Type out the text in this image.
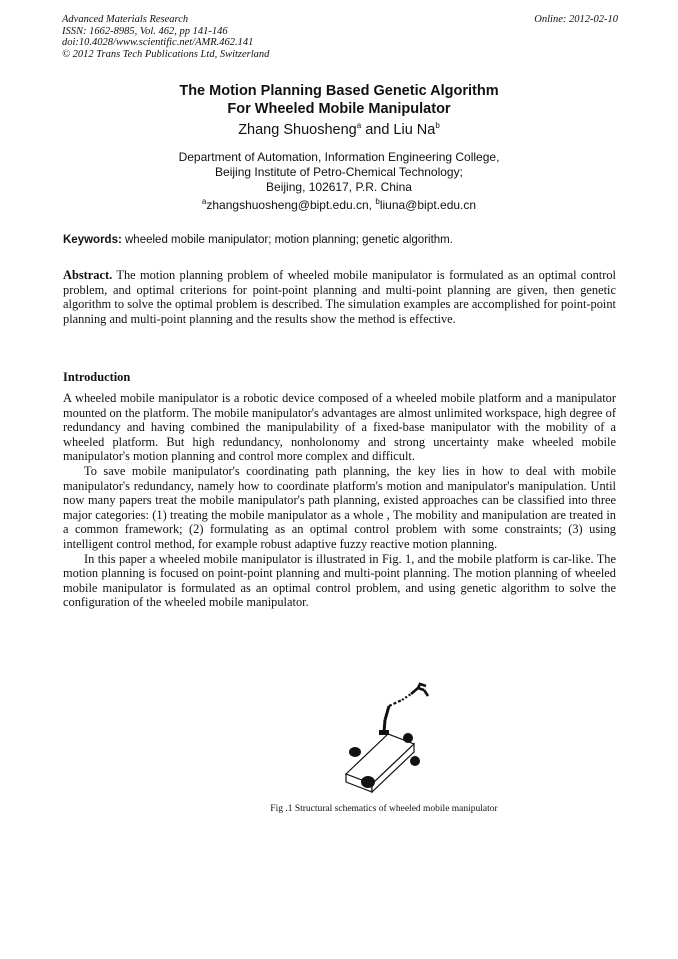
Advanced Materials Research
ISSN: 1662-8985, Vol. 462, pp 141-146
doi:10.4028/www.scientific.net/AMR.462.141
© 2012 Trans Tech Publications Ltd, Switzerland
Online: 2012-02-10
The Motion Planning Based Genetic Algorithm
For Wheeled Mobile Manipulator
Zhang Shuosheng$^a$ and Liu Na$^b$
Department of Automation, Information Engineering College,
Beijing Institute of Petro-Chemical Technology;
Beijing, 102617, P.R. China
$^a$zhangshuosheng@bipt.edu.cn, $^b$liuna@bipt.edu.cn
Keywords: wheeled mobile manipulator; motion planning; genetic algorithm.
Abstract. The motion planning problem of wheeled mobile manipulator is formulated as an optimal control problem, and optimal criterions for point-point planning and multi-point planning are given, then genetic algorithm to solve the optimal problem is described. The simulation examples are accomplished for point-point planning and multi-point planning and the results show the method is effective.
Introduction

A wheeled mobile manipulator is a robotic device composed of a wheeled mobile platform and a manipulator mounted on the platform. The mobile manipulator's advantages are almost unlimited workspace, high degree of redundancy and having combined the manipulability of a fixed-base manipulator with the mobility of a wheeled platform. But high redundancy, nonholonomy and strong uncertainty make wheeled mobile manipulator's motion planning and control more complex and difficult.

To save mobile manipulator's coordinating path planning, the key lies in how to deal with mobile manipulator's redundancy, namely how to coordinate platform's motion and manipulator's manipulation. Until now many papers treat the mobile manipulator's path planning, existed approaches can be classified into three major categories: (1) treating the mobile manipulator as a whole , The mobility and manipulation are treated in a common framework; (2) formulating as an optimal control problem with some constraints; (3) using intelligent control method, for example robust adaptive fuzzy reactive motion planning.

In this paper a wheeled mobile manipulator is illustrated in Fig. 1, and the mobile platform is car-like. The motion planning is focused on point-point planning and multi-point planning. The motion planning of wheeled mobile manipulator is formulated as an optimal control problem, and using genetic algorithm to solve the configuration of the wheeled mobile manipulator.

Fig .1 Structural schematics of wheeled mobile manipulator
